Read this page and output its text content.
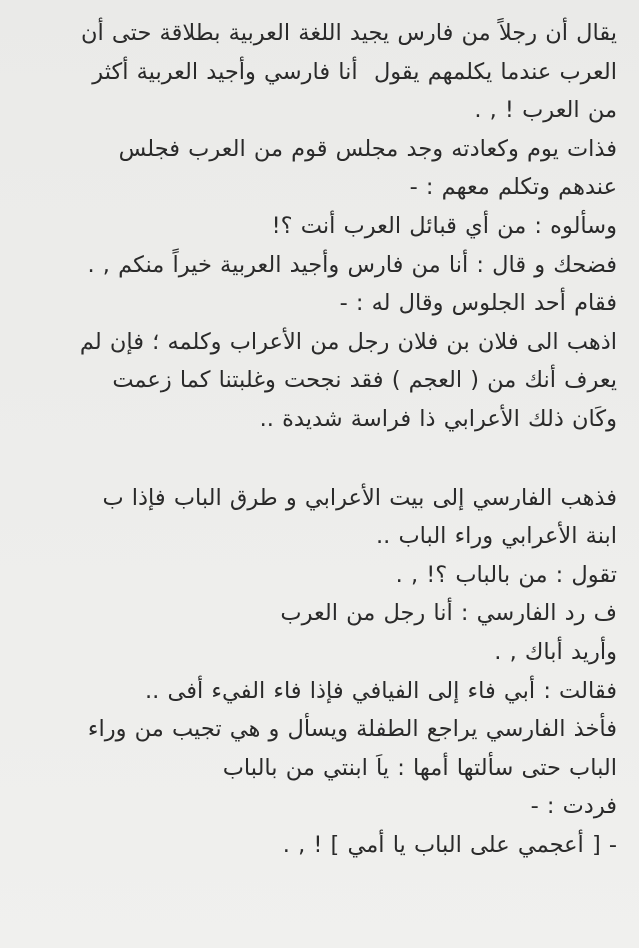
يقال أن رجلاً من فارس يجيد اللغة العربية بطلاقة حتى أن
العرب عندما يكلمهم يقول  أنا فارسي وأجيد العربية أكثر
من العرب ! , .
فذات يوم وكعادته وجد مجلس قوم من العرب فجلس
عندهم وتكلم معهم : -
وسألوه : من أي قبائل العرب أنت ؟!
فضحك و قال : أنا من فارس وأجيد العربية خيراً منكم , .
فقام أحد الجلوس وقال له : -
اذهب الى فلان بن فلان رجل من الأعراب وكلمه ؛ فإن لم
يعرف أنك من ( العجم ) فقد نجحت وغلبتنا كما زعمت
وكَان ذلك الأعرابي ذا فراسة شديدة ..
فذهب الفارسي إلى بيت الأعرابي و طرق الباب فإذا ب
ابنة الأعرابي وراء الباب ..
تقول : من بالباب ؟! , .
ف رد الفارسي : أنا رجل من العرب
وأريد أباك , .
فقالت : أبي فاء إلى الفيافي فإذا فاء الفيء أفى ..
فأخذ الفارسي يراجع الطفلة ويسأل و هي تجيب من وراء
الباب حتى سألتها أمها : ياَ ابنتي من بالباب
فردت : -
- [ أعجمي على الباب يا أمي ] ! , .
